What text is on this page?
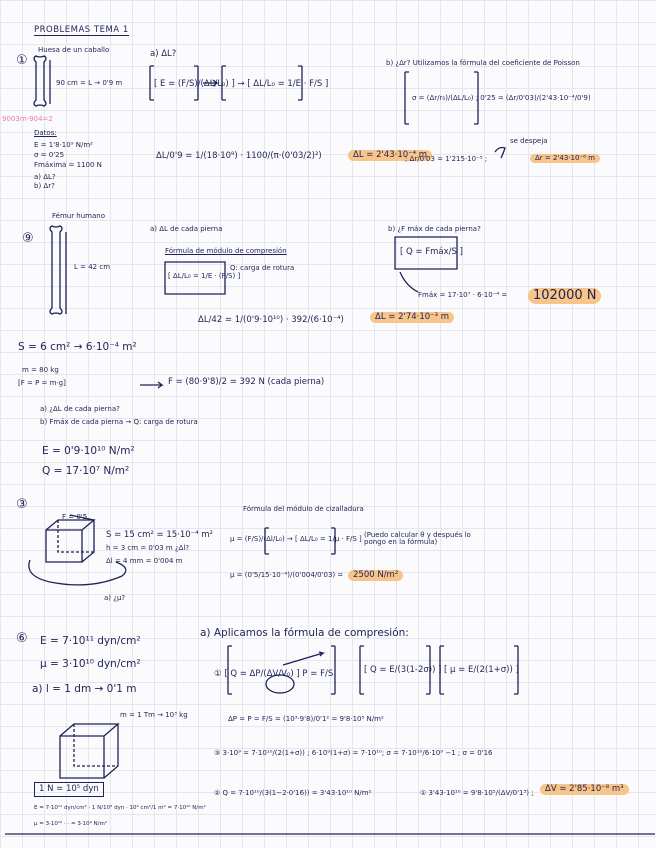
PROBLEMAS TEMA 1
①
Huesa de un caballo
90 cm = L → 0'9 m
9003m-904=2
Datos:
E = 1'8·10⁹ N/m²
σ = 0'25
Fmáxima = 1100 N
a) ΔL?
b) Δr?
a) ΔL?
[ E = (F/S)/(ΔL/L₀) ] → [ ΔL/L₀ = 1/E · F/S ]
ΔL/0'9 = 1/(18·10⁹) · 1100/(π·(0'03/2)²)	ΔL = 2'43·10⁻⁴ m
b) ¿Δr? Utilizamos la fórmula del coeficiente de Poisson
σ = (Δr/r₀)/(ΔL/L₀) ; 0'25 = (Δr/0'03)/(2'43·10⁻⁴/0'9)
se despeja
; Δr/0'03 = 1'215·10⁻⁵ ;	Δr = 2'43·10⁻⁶ m
⑨
Fémur humano
L = 42 cm
S = 6 cm² → 6·10⁻⁴ m²
m = 80 kg
[F = P = m·g]	F = (80·9'8)/2 = 392 N (cada pierna)
a) ¿ΔL de cada pierna?
b) Fmáx de cada pierna → Q: carga de rotura
E = 0'9·10¹⁰ N/m²
Q = 17·10⁷ N/m²
a) ΔL de cada pierna
Fórmula de módulo de compresión
[ ΔL/L₀ = 1/E · (F/S) ]
Q: carga de rotura
ΔL/42 = 1/(0'9·10¹⁰) · 392/(6·10⁻⁴)	ΔL = 2'74·10⁻³ m
b) ¿F máx de cada pierna?
[ Q = Fmáx/S ]
Fmáx = 17·10⁷ · 6·10⁻⁴ =	102000 N
③
F = 0'5
S = 15 cm² = 15·10⁻⁴ m²
h = 3 cm = 0'03 m ¿Δl?
Δl = 4 mm = 0'004 m
a) ¿μ?
Fórmula del módulo de cizalladura
μ = (F/S)/(Δl/L₀) → [ ΔL/L₀ = 1/μ · F/S ] (Puedo calcular θ y después lo pongo en la fórmula)
μ = (0'5/15·10⁻⁴)/(0'004/0'03) =	2500 N/m²
⑥ E = 7·10¹¹ dyn/cm²
μ = 3·10¹⁰ dyn/cm²
a) l = 1 dm → 0'1 m
m = 1 Tm → 10³ kg
1 N = 10⁵ dyn
E = 7·10¹¹ dyn/cm² · 1 N/10⁵ dyn · 10⁴ cm²/1 m² = 7·10¹⁰ N/m²
μ = 3·10¹⁰ · · = 3·10⁹ N/m²
a) Aplicamos la fórmula de compresión:
① [ Q = ΔP/(ΔV/V₀) ] P = F/S	[ Q = E/(3(1-2σ)) ] [ μ = E/(2(1+σ)) ]
ΔP = P = F/S = (10³·9'8)/0'1² = 9'8·10⁵ N/m²
③ 3·10⁹ = 7·10¹⁰/(2(1+σ)) ; 6·10⁹(1+σ) = 7·10¹⁰; σ = 7·10¹⁰/6·10⁹ −1 ; σ = 0'16
② Q = 7·10¹⁰/(3(1−2·0'16)) = 3'43·10¹⁰ N/m²	① 3'43·10¹⁰ = 9'8·10⁵/(ΔV/0'1³) ;	ΔV = 2'85·10⁻⁸ m³
